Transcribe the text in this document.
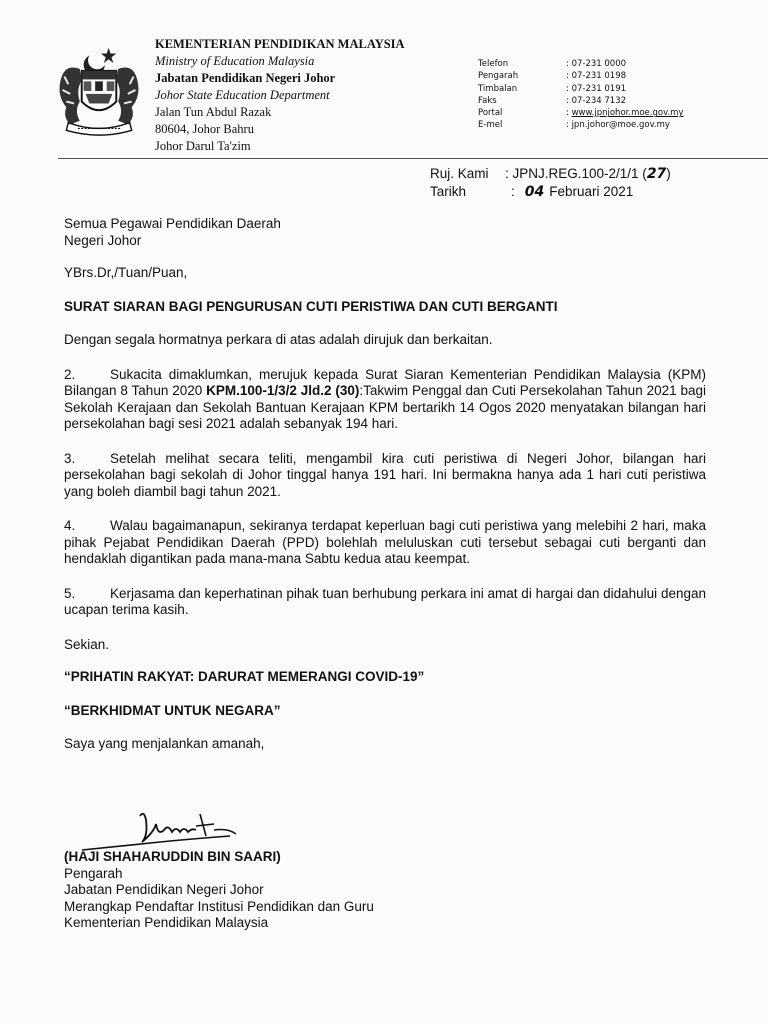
KEMENTERIAN PENDIDIKAN MALAYSIA
Ministry of Education Malaysia
Jabatan Pendidikan Negeri Johor
Johor State Education Department
Jalan Tun Abdul Razak
80604, Johor Bahru
Johor Darul Ta'zim
Telefon	: 07-231 0000
Pengarah	: 07-231 0198
Timbalan	: 07-231 0191
Faks	: 07-234 7132
Portal	: www.jpnjohor.moe.gov.my
E-mel	: jpn.johor@moe.gov.my
Ruj. Kami	: JPNJ.REG.100-2/1/1 ( 27 )
Tarikh	: 04 Februari 2021
Semua Pegawai Pendidikan Daerah
Negeri Johor

YBrs.Dr,/Tuan/Puan,

SURAT SIARAN BAGI PENGURUSAN CUTI PERISTIWA DAN CUTI BERGANTI

Dengan segala hormatnya perkara di atas adalah dirujuk dan berkaitan.

2.	Sukacita dimaklumkan, merujuk kepada Surat Siaran Kementerian Pendidikan Malaysia (KPM) Bilangan 8 Tahun 2020 KPM.100-1/3/2 Jld.2 (30):Takwim Penggal dan Cuti Persekolahan Tahun 2021 bagi Sekolah Kerajaan dan Sekolah Bantuan Kerajaan KPM bertarikh 14 Ogos 2020 menyatakan bilangan hari persekolahan bagi sesi 2021 adalah sebanyak 194 hari.

3.	Setelah melihat secara teliti, mengambil kira cuti peristiwa di Negeri Johor, bilangan hari persekolahan bagi sekolah di Johor tinggal hanya 191 hari. Ini bermakna hanya ada 1 hari cuti peristiwa yang boleh diambil bagi tahun 2021.

4.	Walau bagaimanapun, sekiranya terdapat keperluan bagi cuti peristiwa yang melebihi 2 hari, maka pihak Pejabat Pendidikan Daerah (PPD) bolehlah meluluskan cuti tersebut sebagai cuti berganti dan hendaklah digantikan pada mana-mana Sabtu kedua atau keempat.

5.	Kerjasama dan keperhatinan pihak tuan berhubung perkara ini amat di hargai dan didahului dengan ucapan terima kasih.

Sekian.

“PRIHATIN RAKYAT: DARURAT MEMERANGI COVID-19”

“BERKHIDMAT UNTUK NEGARA”

Saya yang menjalankan amanah,

(HAJI SHAHARUDDIN BIN SAARI)
Pengarah
Jabatan Pendidikan Negeri Johor
Merangkap Pendaftar Institusi Pendidikan dan Guru
Kementerian Pendidikan Malaysia
